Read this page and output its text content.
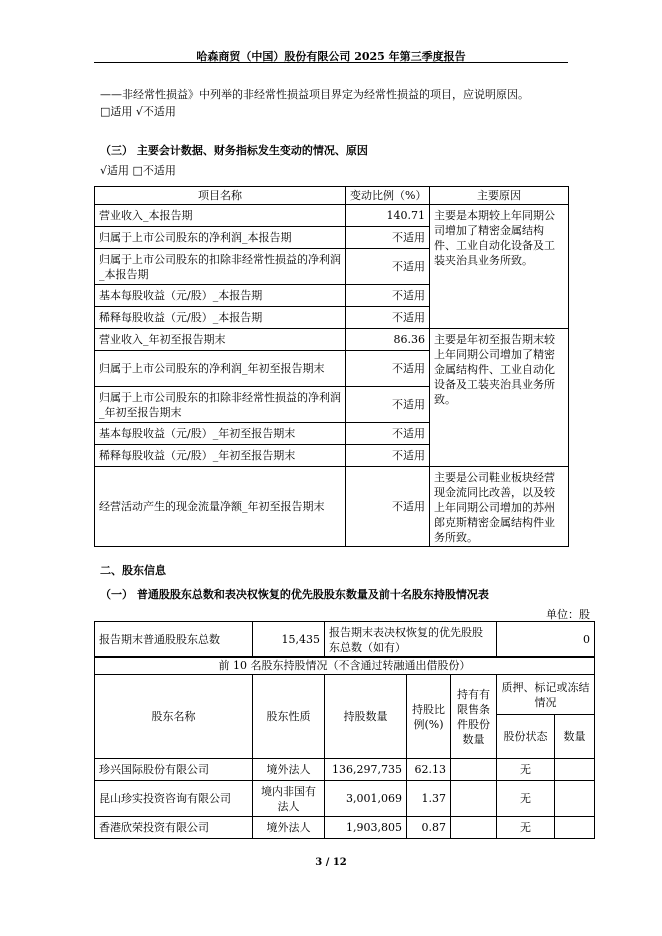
哈森商贸（中国）股份有限公司 2025 年第三季度报告
——非经常性损益》中列举的非经常性损益项目界定为经常性损益的项目，应说明原因。
□适用 √不适用
（三） 主要会计数据、财务指标发生变动的情况、原因
√适用 □不适用
项目名称	变动比例（%）	主要原因
营业收入_本报告期	140.71	主要是本期较上年同期公司增加了精密金属结构件、工业自动化设备及工装夹治具业务所致。
归属于上市公司股东的净利润_本报告期	不适用	
归属于上市公司股东的扣除非经常性损益的净利润_本报告期	不适用	
基本每股收益（元/股）_本报告期	不适用	
稀释每股收益（元/股）_本报告期	不适用	
营业收入_年初至报告期末	86.36	主要是年初至报告期末较上年同期公司增加了精密金属结构件、工业自动化设备及工装夹治具业务所致。
归属于上市公司股东的净利润_年初至报告期末	不适用	
归属于上市公司股东的扣除非经常性损益的净利润_年初至报告期末	不适用	
基本每股收益（元/股）_年初至报告期末	不适用	
稀释每股收益（元/股）_年初至报告期末	不适用	
经营活动产生的现金流量净额_年初至报告期末	不适用	主要是公司鞋业板块经营现金流同比改善，以及较上年同期公司增加的苏州郎克斯精密金属结构件业务所致。
二、股东信息
（一） 普通股股东总数和表决权恢复的优先股股东数量及前十名股东持股情况表
单位：股
报告期末普通股股东总数	15,435	报告期末表决权恢复的优先股股东总数（如有）	0
前 10 名股东持股情况（不含通过转融通出借股份）						
股东名称	股东性质	持股数量	持股比例(%)	持有有限售条件股份数量	质押、标记或冻结情况	
					股份状态	数量
珍兴国际股份有限公司	境外法人	136,297,735	62.13		无	
昆山珍实投资咨询有限公司	境内非国有法人	3,001,069	1.37		无	
香港欣荣投资有限公司	境外法人	1,903,805	0.87		无	
3 / 12
